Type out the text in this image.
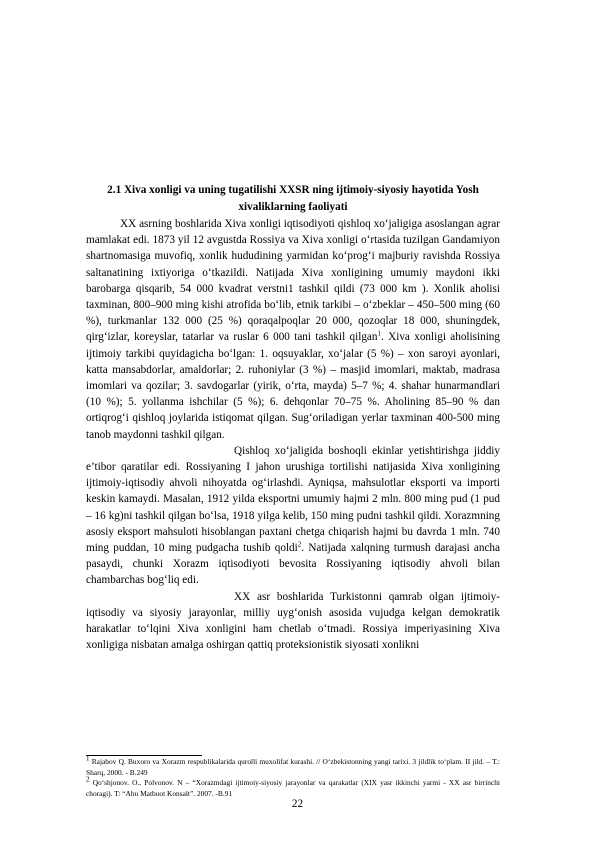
2.1 Xiva xonligi va uning tugatilishi XXSR ning ijtimoiy-siyosiy hayotida Yosh xivaliklarning faoliyati

XX asrning boshlarida Xiva xonligi iqtisodiyoti qishloq xo‘jaligiga asoslangan agrar mamlakat edi. 1873 yil 12 avgustda Rossiya va Xiva xonligi o‘rtasida tuzilgan Gandamiyon shartnomasiga muvofiq, xonlik hududining yarmidan ko‘prog‘i majburiy ravishda Rossiya saltanatining ixtiyoriga o‘tkazildi. Natijada Xiva xonligining umumiy maydoni ikki barobarga qisqarib, 54 000 kvadrat verstni1 tashkil qildi (73 000 km ). Xonlik aholisi taxminan, 800–900 ming kishi atrofida bo‘lib, etnik tarkibi – o‘zbeklar – 450–500 ming (60 %), turkmanlar 132 000 (25 %) qoraqalpoqlar 20 000, qozoqlar 18 000, shuningdek, qirg‘izlar, koreyslar, tatarlar va ruslar 6 000 tani tashkil qilgan$^1$. Xiva xonligi aholisining ijtimoiy tarkibi quyidagicha bo‘lgan: 1. oqsuyaklar, xo‘jalar (5 %) – xon saroyi ayonlari, katta mansabdorlar, amaldorlar; 2. ruhoniylar (3 %) – masjid imomlari, maktab, madrasa imomlari va qozilar; 3. savdogarlar (yirik, o‘rta, mayda) 5–7 %; 4. shahar hunarmandlari (10 %); 5. yollanma ishchilar (5 %); 6. dehqonlar 70–75 %. Aholining 85–90 % dan ortiqrog‘i qishloq joylarida istiqomat qilgan. Sug‘oriladigan yerlar taxminan 400-500 ming tanob maydonni tashkil qilgan.

Qishloq xo‘jaligida boshoqli ekinlar yetishtirishga jiddiy e’tibor qaratilar edi. Rossiyaning I jahon urushiga tortilishi natijasida Xiva xonligining ijtimoiy-iqtisodiy ahvoli nihoyatda og‘irlashdi. Ayniqsa, mahsulotlar eksporti va importi keskin kamaydi. Masalan, 1912 yilda eksportni umumiy hajmi 2 mln. 800 ming pud (1 pud – 16 kg)ni tashkil qilgan bo‘lsa, 1918 yilga kelib, 150 ming pudni tashkil qildi. Xorazmning asosiy eksport mahsuloti hisoblangan paxtani chetga chiqarish hajmi bu davrda 1 mln. 740 ming puddan, 10 ming pudgacha tushib qoldi$^2$. Natijada xalqning turmush darajasi ancha pasaydi, chunki Xorazm iqtisodiyoti bevosita Rossiyaning iqtisodiy ahvoli bilan chambarchas bog‘liq edi.

XX asr boshlarida Turkistonni qamrab olgan ijtimoiy-iqtisodiy va siyosiy jarayonlar, milliy uyg‘onish asosida vujudga kelgan demokratik harakatlar to‘lqini Xiva xonligini ham chetlab o‘tmadi. Rossiya imperiyasining Xiva xonligiga nisbatan amalga oshirgan qattiq proteksionistik siyosati xonlikni

$^1$ Rajabov Q. Buxoro va Xorazm respublikalarida qurolli muxolifat kurashi. // O‘zbekistonning yangi tarixi. 3 jildlik to‘plam. II jild. – T.: Sharq, 2000. - B.249

$^2$ Qo‘shjonov. O., Polvonov. N – “Xorazmdagi ijtimoiy-siyosiy jarayonlar va qarakatlar (XIX yasr ikkinchi yarmi - XX asr birrinchi choragi). T: “Abu Matbuot Konsalt”. 2007. -B.91

22
